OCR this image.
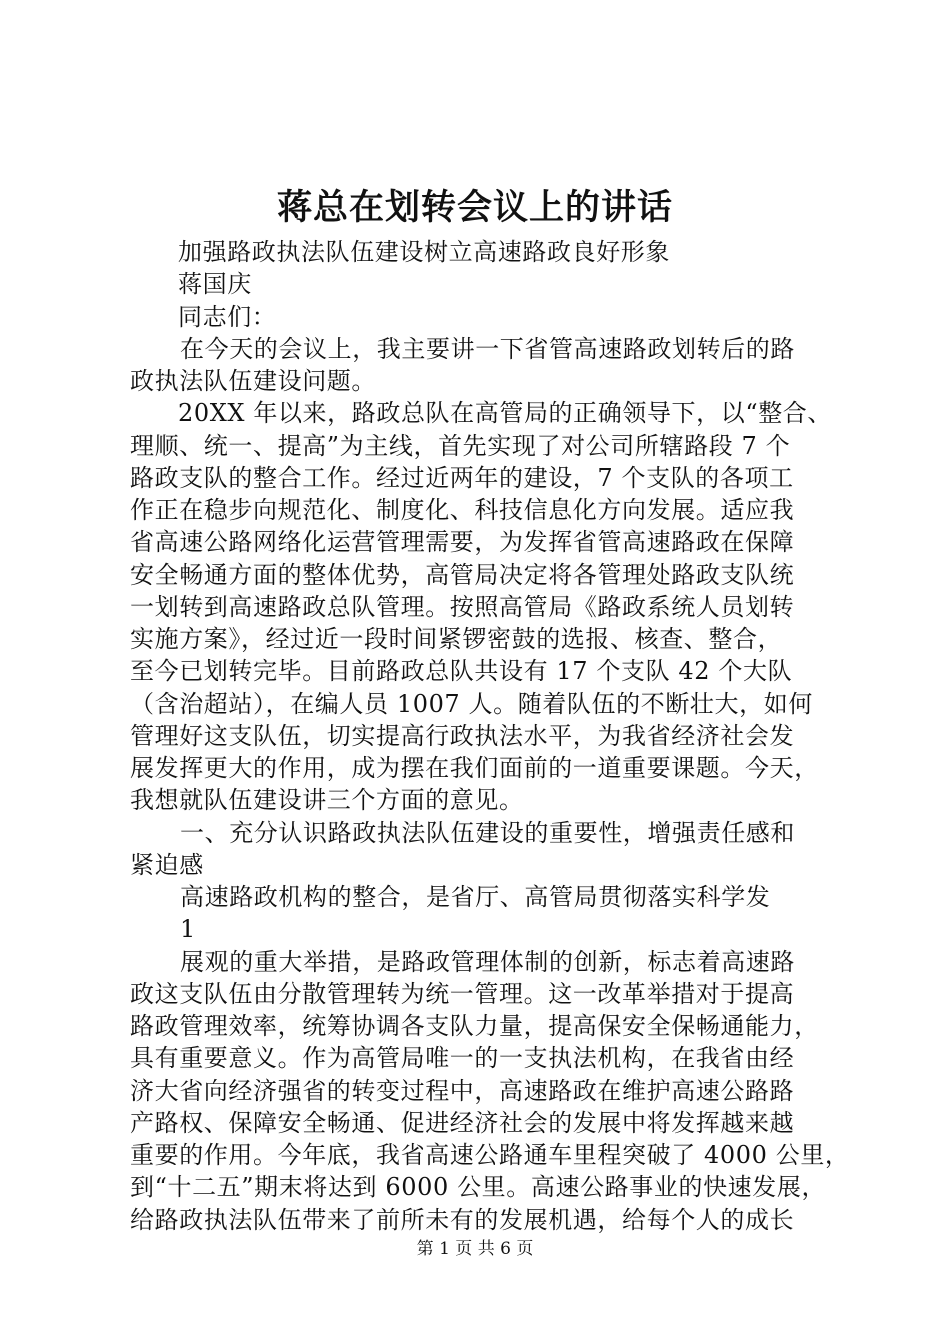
蒋总在划转会议上的讲话
加强路政执法队伍建设树立高速路政良好形象
蒋国庆
同志们：
在今天的会议上，我主要讲一下省管高速路政划转后的路
政执法队伍建设问题。
20XX 年以来，路政总队在高管局的正确领导下，以“整合、
理顺、统一、提高”为主线，首先实现了对公司所辖路段 7 个
路政支队的整合工作。经过近两年的建设，7 个支队的各项工
作正在稳步向规范化、制度化、科技信息化方向发展。适应我
省高速公路网络化运营管理需要，为发挥省管高速路政在保障
安全畅通方面的整体优势，高管局决定将各管理处路政支队统
一划转到高速路政总队管理。按照高管局《路政系统人员划转
实施方案》，经过近一段时间紧锣密鼓的选报、核查、整合，
至今已划转完毕。目前路政总队共设有 17 个支队 42 个大队
（含治超站），在编人员 1007 人。随着队伍的不断壮大，如何
管理好这支队伍，切实提高行政执法水平，为我省经济社会发
展发挥更大的作用，成为摆在我们面前的一道重要课题。今天，
我想就队伍建设讲三个方面的意见。
一、充分认识路政执法队伍建设的重要性，增强责任感和
紧迫感
高速路政机构的整合，是省厅、高管局贯彻落实科学发
1
展观的重大举措，是路政管理体制的创新，标志着高速路
政这支队伍由分散管理转为统一管理。这一改革举措对于提高
路政管理效率，统筹协调各支队力量，提高保安全保畅通能力，
具有重要意义。作为高管局唯一的一支执法机构，在我省由经
济大省向经济强省的转变过程中，高速路政在维护高速公路路
产路权、保障安全畅通、促进经济社会的发展中将发挥越来越
重要的作用。今年底，我省高速公路通车里程突破了 4000 公里，
到“十二五”期末将达到 6000 公里。高速公路事业的快速发展，
给路政执法队伍带来了前所未有的发展机遇，给每个人的成长
第 1 页 共 6 页
